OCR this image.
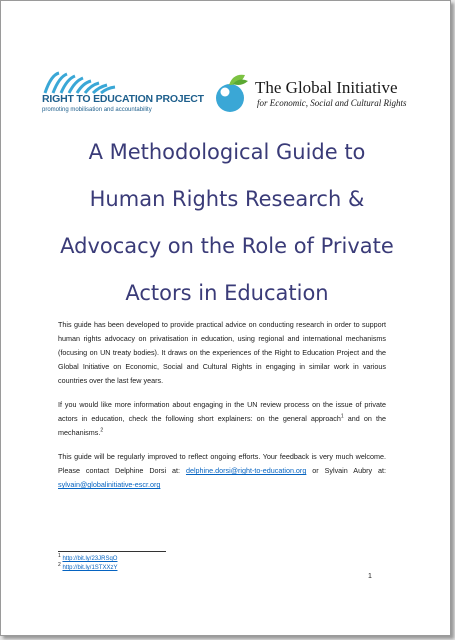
RIGHT TO EDUCATION PROJECT
promoting mobilisation and accountability
The Global Initiative
for Economic, Social and Cultural Rights
A Methodological Guide to
Human Rights Research &
Advocacy on the Role of Private
Actors in Education

This guide has been developed to provide practical advice on conducting research in order to support human rights advocacy on privatisation in education, using regional and international mechanisms (focusing on UN treaty bodies). It draws on the experiences of the Right to Education Project and the Global Initiative on Economic, Social and Cultural Rights in engaging in similar work in various countries over the last few years.

If you would like more information about engaging in the UN review process on the issue of private actors in education, check the following short explainers: on the general approach$^1$ and on the mechanisms.$^2$

This guide will be regularly improved to reflect ongoing efforts. Your feedback is very much welcome. Please contact Delphine Dorsi at: delphine.dorsi@right-to-education.org or Sylvain Aubry at: sylvain@globalinitiative-escr.org

$^1$ http://bit.ly/23JRSqO
$^2$ http://bit.ly/1STXXzY
1
